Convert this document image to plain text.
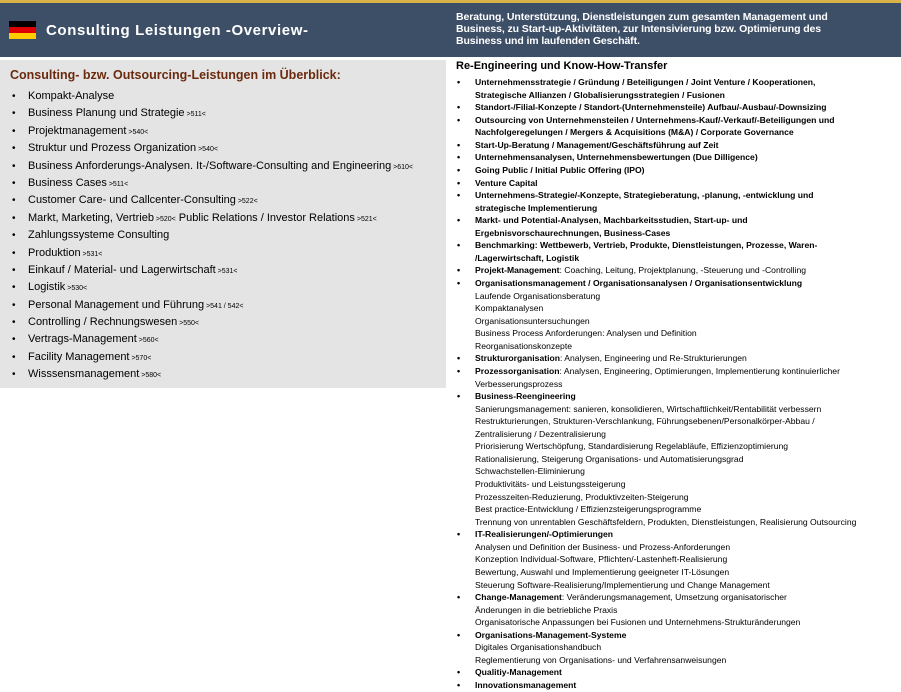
Consulting Leistungen -Overview-
Beratung, Unterstützung, Dienstleistungen zum gesamten Management und
Business, zu Start-up-Aktivitäten, zur Intensivierung bzw. Optimierung des
Business und im laufenden Geschäft.
Consulting- bzw. Outsourcing-Leistungen im Überblick:
• Kompakt-Analyse
• Business Planung und Strategie >511<
• Projektmanagement >540<
• Struktur und Prozess Organization >540<
• Business Anforderungs-Analysen. It-/Software-Consulting and Engineering >610<
• Business Cases >511<
• Customer Care- und Callcenter-Consulting >522<
• Markt, Marketing, Vertrieb >520< Public Relations / Investor Relations >521<
• Zahlungssysteme Consulting
• Produktion >531<
• Einkauf / Material- und Lagerwirtschaft >531<
• Logistik >530<
• Personal Management und Führung >541 / 542<
• Controlling / Rechnungswesen >550<
• Vertrags-Management >560<
• Facility Management >570<
• Wisssensmanagement >580<
Re-Engineering und Know-How-Transfer
• Unternehmensstrategie / Gründung / Beteiligungen / Joint Venture / Kooperationen,
Strategische Allianzen / Globalisierungsstrategien / Fusionen
• Standort-/Filial-Konzepte / Standort-(Unternehmensteile) Aufbau/-Ausbau/-Downsizing
• Outsourcing von Unternehmensteilen / Unternehmens-Kauf/-Verkauf/-Beteiligungen und
Nachfolgeregelungen / Mergers & Acquisitions (M&A) / Corporate Governance
• Start-Up-Beratung / Management/Geschäftsführung auf Zeit
• Unternehmensanalysen, Unternehmensbewertungen (Due Dilligence)
• Going Public / Initial Public Offering (IPO)
• Venture Capital
• Unternehmens-Strategie/-Konzepte, Strategieberatung, -planung, -entwicklung und
strategische Implementierung
• Markt- und Potential-Analysen, Machbarkeitsstudien, Start-up- und
Ergebnisvorschaurechnungen, Business-Cases
• Benchmarking: Wettbewerb, Vertrieb, Produkte, Dienstleistungen, Prozesse, Waren-
/Lagerwirtschaft, Logistik
• Projekt-Management: Coaching, Leitung, Projektplanung, -Steuerung und -Controlling
• Organisationsmanagement / Organisationsanalysen / Organisationsentwicklung
Laufende Organisationsberatung
Kompaktanalysen
Organisationsuntersuchungen
Business Process Anforderungen: Analysen und Definition
Reorganisationskonzepte
• Strukturorganisation: Analysen, Engineering und Re-Strukturierungen
• Prozessorganisation: Analysen, Engineering, Optimierungen, Implementierung kontinuierlicher
Verbesserungsprozess
• Business-Reengineering
Sanierungsmanagement: sanieren, konsolidieren, Wirtschaftlichkeit/Rentabilität verbessern
Restrukturierungen, Strukturen-Verschlankung, Führungsebenen/Personalkörper-Abbau /
Zentralisierung / Dezentralisierung
Priorisierung Wertschöpfung, Standardisierung Regelabläufe, Effizienzoptimierung
Rationalisierung, Steigerung Organisations- und Automatisierungsgrad
Schwachstellen-Eliminierung
Produktivitäts- und Leistungssteigerung
Prozesszeiten-Reduzierung, Produktivzeiten-Steigerung
Best practice-Entwicklung / Effizienzsteigerungsprogramme
Trennung von unrentablen Geschäftsfeldern, Produkten, Dienstleistungen, Realisierung Outsourcing
• IT-Realisierungen/-Optimierungen
Analysen und Definition der Business- und Prozess-Anforderungen
Konzeption Individual-Software, Pflichten/-Lastenheft-Realisierung
Bewertung, Auswahl und Implementierung geeigneter IT-Lösungen
Steuerung Software-Realisierung/Implementierung und Change Management
• Change-Management: Veränderungsmanagement, Umsetzung organisatorischer
Änderungen in die betriebliche Praxis
Organisatorische Anpassungen bei Fusionen und Unternehmens-Strukturänderungen
• Organisations-Management-Systeme
Digitales Organisationshandbuch
Reglementierung von Organisations- und Verfahrensanweisungen
• Qualitiy-Management
• Innovationsmanagement
